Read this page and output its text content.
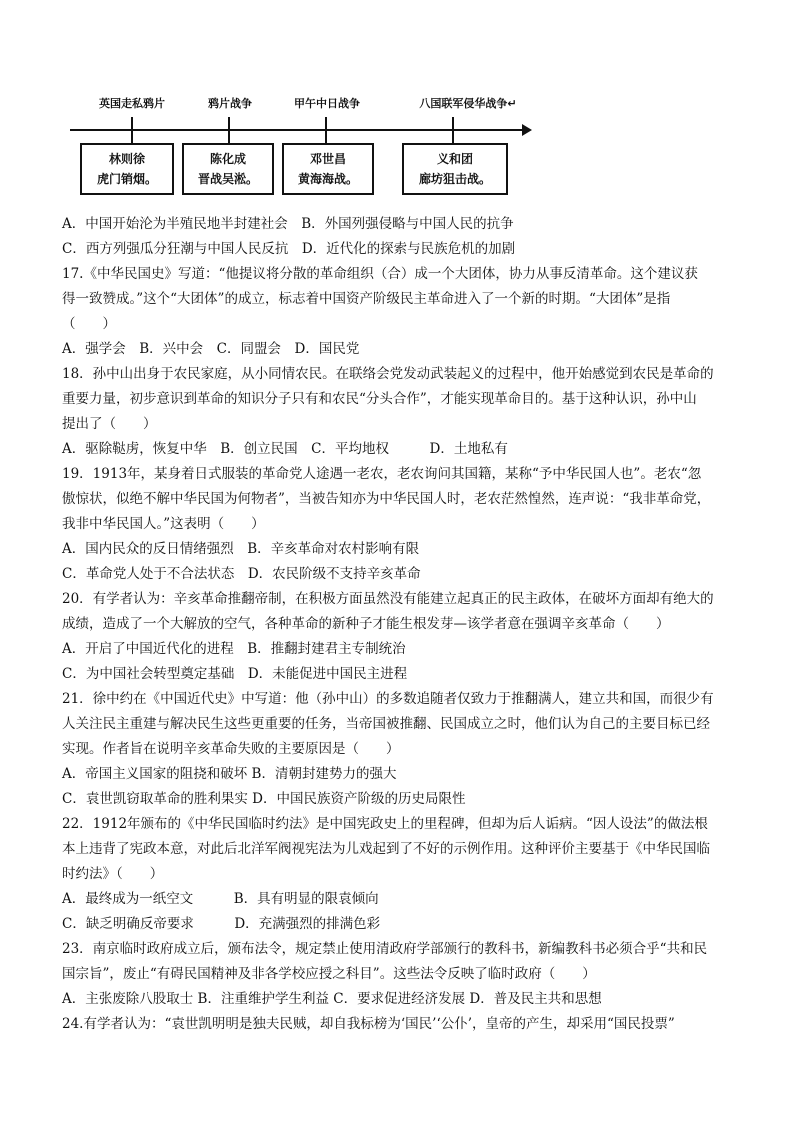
英国走私鸦片	鸦片战争	甲午中日战争	八国联军侵华战争↵
林则徐
虎门销烟。
陈化成
晋战吴淞。
邓世昌
黄海海战。
义和团
廊坊狙击战。
A．中国开始沦为半殖民地半封建社会　B．外国列强侵略与中国人民的抗争
C．西方列强瓜分狂潮与中国人民反抗　D．近代化的探索与民族危机的加剧
17.《中华民国史》写道：“他提议将分散的革命组织（合）成一个大团体，协力从事反清革命。这个建议获
得一致赞成。”这个“大团体”的成立，标志着中国资产阶级民主革命进入了一个新的时期。“大团体”是指
（　　）
A．强学会　B．兴中会　C．同盟会　D．国民党
18．孙中山出身于农民家庭，从小同情农民。在联络会党发动武装起义的过程中，他开始感觉到农民是革命的
重要力量，初步意识到革命的知识分子只有和农民“分头合作”，才能实现革命目的。基于这种认识，孙中山
提出了（　　）
A．驱除鞑虏，恢复中华　B．创立民国　C．平均地权　　　D．土地私有
19．1913年，某身着日式服装的革命党人途遇一老农，老农询问其国籍，某称“予中华民国人也”。老农“忽
傲惊状，似绝不解中华民国为何物者”，当被告知亦为中华民国人时，老农茫然惶然，连声说：“我非革命党，
我非中华民国人。”这表明（　　）
A．国内民众的反日情绪强烈　B．辛亥革命对农村影响有限
C．革命党人处于不合法状态　D．农民阶级不支持辛亥革命
20．有学者认为：辛亥革命推翻帝制，在积极方面虽然没有能建立起真正的民主政体，在破坏方面却有绝大的
成绩，造成了一个大解放的空气，各种革命的新种子才能生根发芽—该学者意在强调辛亥革命（　　）
A．开启了中国近代化的进程　B．推翻封建君主专制统治
C．为中国社会转型奠定基础　D．未能促进中国民主进程
21．徐中约在《中国近代史》中写道：他（孙中山）的多数追随者仅致力于推翻满人，建立共和国，而很少有
人关注民主重建与解决民生这些更重要的任务，当帝国被推翻、民国成立之时，他们认为自己的主要目标已经
实现。作者旨在说明辛亥革命失败的主要原因是（　　）
A．帝国主义国家的阻挠和破坏 B．清朝封建势力的强大
C．袁世凯窃取革命的胜利果实 D．中国民族资产阶级的历史局限性
22．1912年颁布的《中华民国临时约法》是中国宪政史上的里程碑，但却为后人诟病。“因人设法”的做法根
本上违背了宪政本意，对此后北洋军阀视宪法为儿戏起到了不好的示例作用。这种评价主要基于《中华民国临
时约法》（　　）
A．最终成为一纸空文　　　B．具有明显的限袁倾向
C．缺乏明确反帝要求　　　D．充满强烈的排满色彩
23．南京临时政府成立后，颁布法令，规定禁止使用清政府学部颁行的教科书，新编教科书必须合乎“共和民
国宗旨”，废止“有碍民国精神及非各学校应授之科目”。这些法令反映了临时政府（　　）
A．主张废除八股取士 B．注重维护学生利益 C．要求促进经济发展 D．普及民主共和思想
24.有学者认为：“袁世凯明明是独夫民贼，却自我标榜为‘国民’‘公仆’，皇帝的产生，却采用“国民投票”
